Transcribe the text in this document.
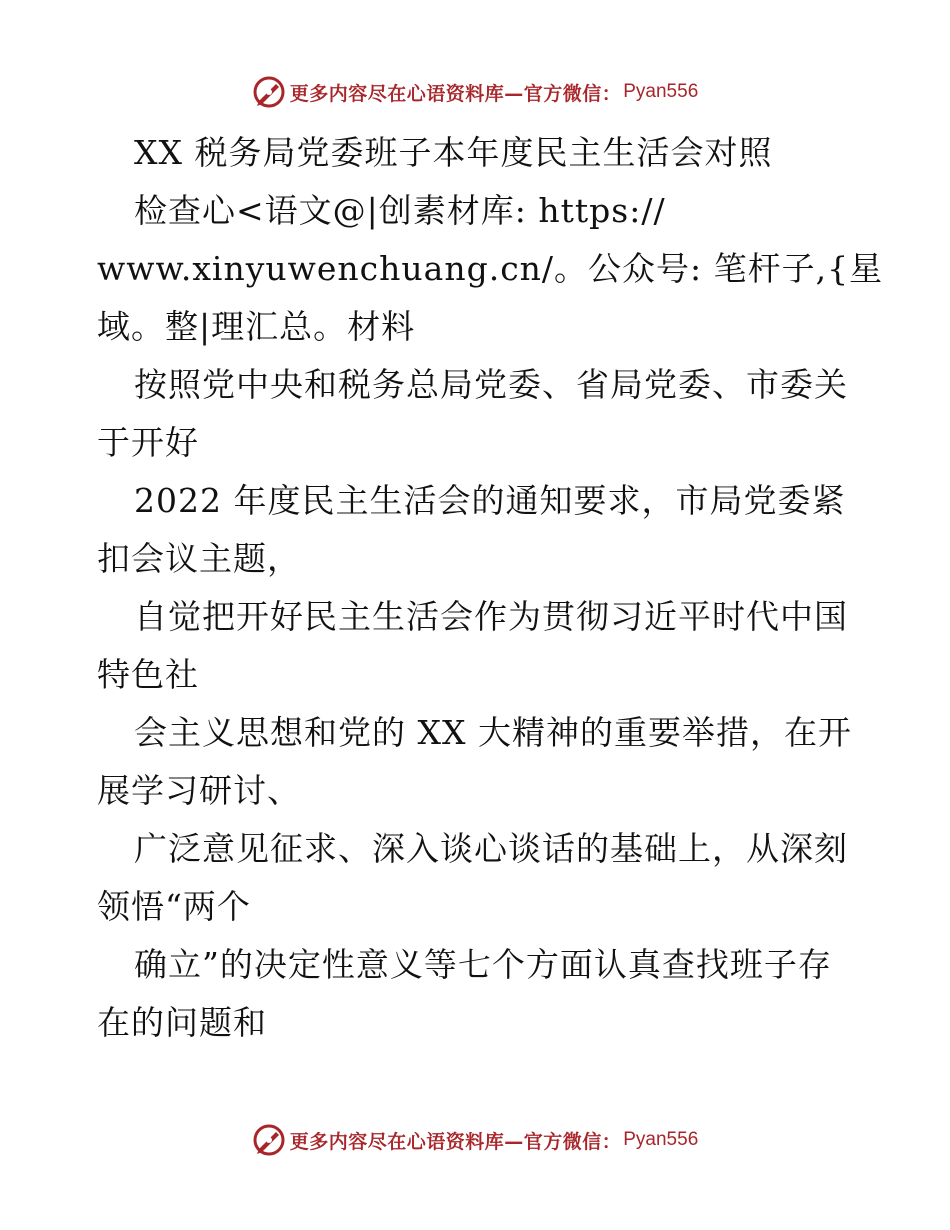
更多内容尽在心语资料库—官方微信： Pyan556
XX 税务局党委班子本年度民主生活会对照
检查心<语文@|创素材库: https://
www.xinyuwenchuang.cn/。公众号: 笔杆子,{星
域。整|理汇总。材料
按照党中央和税务总局党委、省局党委、市委关
于开好
2022 年度民主生活会的通知要求，市局党委紧
扣会议主题，
自觉把开好民主生活会作为贯彻习近平时代中国
特色社
会主义思想和党的 XX 大精神的重要举措，在开
展学习研讨、
广泛意见征求、深入谈心谈话的基础上，从深刻
领悟“两个
确立”的决定性意义等七个方面认真查找班子存
在的问题和
更多内容尽在心语资料库—官方微信： Pyan556
